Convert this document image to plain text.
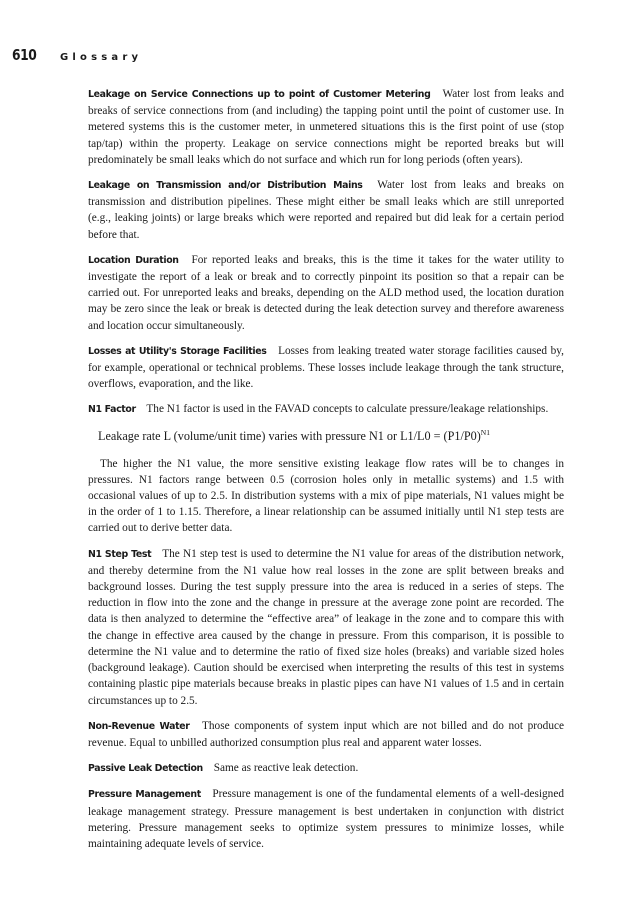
610 Glossary

Leakage on Service Connections up to point of Customer Metering Water lost from leaks and breaks of service connections from (and including) the tapping point until the point of customer use. In metered systems this is the customer meter, in unmetered situations this is the first point of use (stop tap/tap) within the property. Leakage on service connections might be reported breaks but will predominately be small leaks which do not surface and which run for long periods (often years).

Leakage on Transmission and/or Distribution Mains Water lost from leaks and breaks on transmission and distribution pipelines. These might either be small leaks which are still unreported (e.g., leaking joints) or large breaks which were reported and repaired but did leak for a certain period before that.

Location Duration For reported leaks and breaks, this is the time it takes for the water utility to investigate the report of a leak or break and to correctly pinpoint its position so that a repair can be carried out. For unreported leaks and breaks, depending on the ALD method used, the location duration may be zero since the leak or break is detected during the leak detection survey and therefore awareness and location occur simultaneously.

Losses at Utility's Storage Facilities Losses from leaking treated water storage facilities caused by, for example, operational or technical problems. These losses include leakage through the tank structure, overflows, evaporation, and the like.

N1 Factor The N1 factor is used in the FAVAD concepts to calculate pressure/leakage relationships.

Leakage rate L (volume/unit time) varies with pressure N1 or $L1/L0 = (P1/P0)^{N1}$

The higher the N1 value, the more sensitive existing leakage flow rates will be to changes in pressures. N1 factors range between 0.5 (corrosion holes only in metallic systems) and 1.5 with occasional values of up to 2.5. In distribution systems with a mix of pipe materials, N1 values might be in the order of 1 to 1.15. Therefore, a linear relationship can be assumed initially until N1 step tests are carried out to derive better data.

N1 Step Test The N1 step test is used to determine the N1 value for areas of the distribution network, and thereby determine from the N1 value how real losses in the zone are split between breaks and background losses. During the test supply pressure into the area is reduced in a series of steps. The reduction in flow into the zone and the change in pressure at the average zone point are recorded. The data is then analyzed to determine the “effective area” of leakage in the zone and to compare this with the change in effective area caused by the change in pressure. From this comparison, it is possible to determine the N1 value and to determine the ratio of fixed size holes (breaks) and variable sized holes (background leakage). Caution should be exercised when interpreting the results of this test in systems containing plastic pipe materials because breaks in plastic pipes can have N1 values of 1.5 and in certain circumstances up to 2.5.

Non-Revenue Water Those components of system input which are not billed and do not produce revenue. Equal to unbilled authorized consumption plus real and apparent water losses.

Passive Leak Detection Same as reactive leak detection.

Pressure Management Pressure management is one of the fundamental elements of a well-designed leakage management strategy. Pressure management is best undertaken in conjunction with district metering. Pressure management seeks to optimize system pressures to minimize losses, while maintaining adequate levels of service.
